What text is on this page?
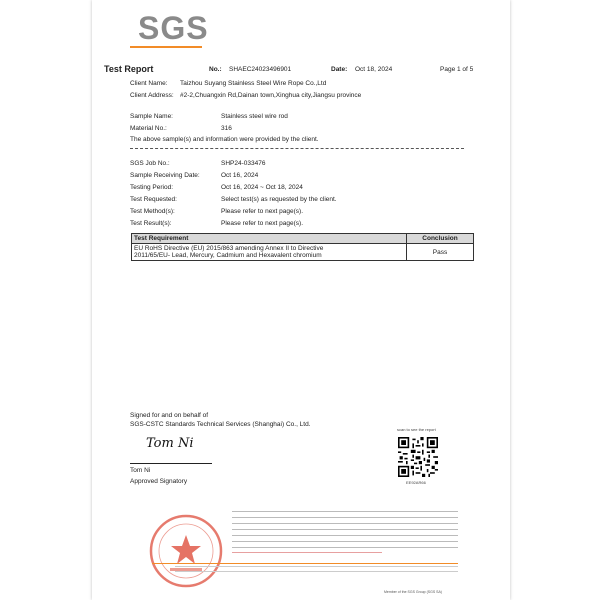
SGS
Test Report	No.: SHAEC24023496901	Date: Oct 18, 2024	Page 1 of 5
Client Name: Taizhou Suyang Stainless Steel Wire Rope Co.,Ltd
Client Address: #2-2,Chuangxin Rd,Dainan town,Xinghua city,Jiangsu province
Sample Name:	Stainless steel wire rod
Material No.:	316
The above sample(s) and information were provided by the client.
SGS Job No.:	SHP24-033476
Sample Receiving Date:	Oct 16, 2024
Testing Period:	Oct 16, 2024 ~ Oct 18, 2024
Test Requested:	Select test(s) as requested by the client.
Test Method(s):	Please refer to next page(s).
Test Result(s):	Please refer to next page(s).
Test Requirement	Conclusion

EU RoHS Directive (EU) 2015/863 amending Annex II to Directive
2011/65/EU- Lead, Mercury, Cadmium and Hexavalent chromium	Pass
Signed for and on behalf of
SGS-CSTC Standards Technical Services (Shanghai) Co., Ltd.
Tom Ni
Tom Ni
Approved Signatory
scan to see the report
EE92AR66

Member of the SGS Group (SGS SA)
